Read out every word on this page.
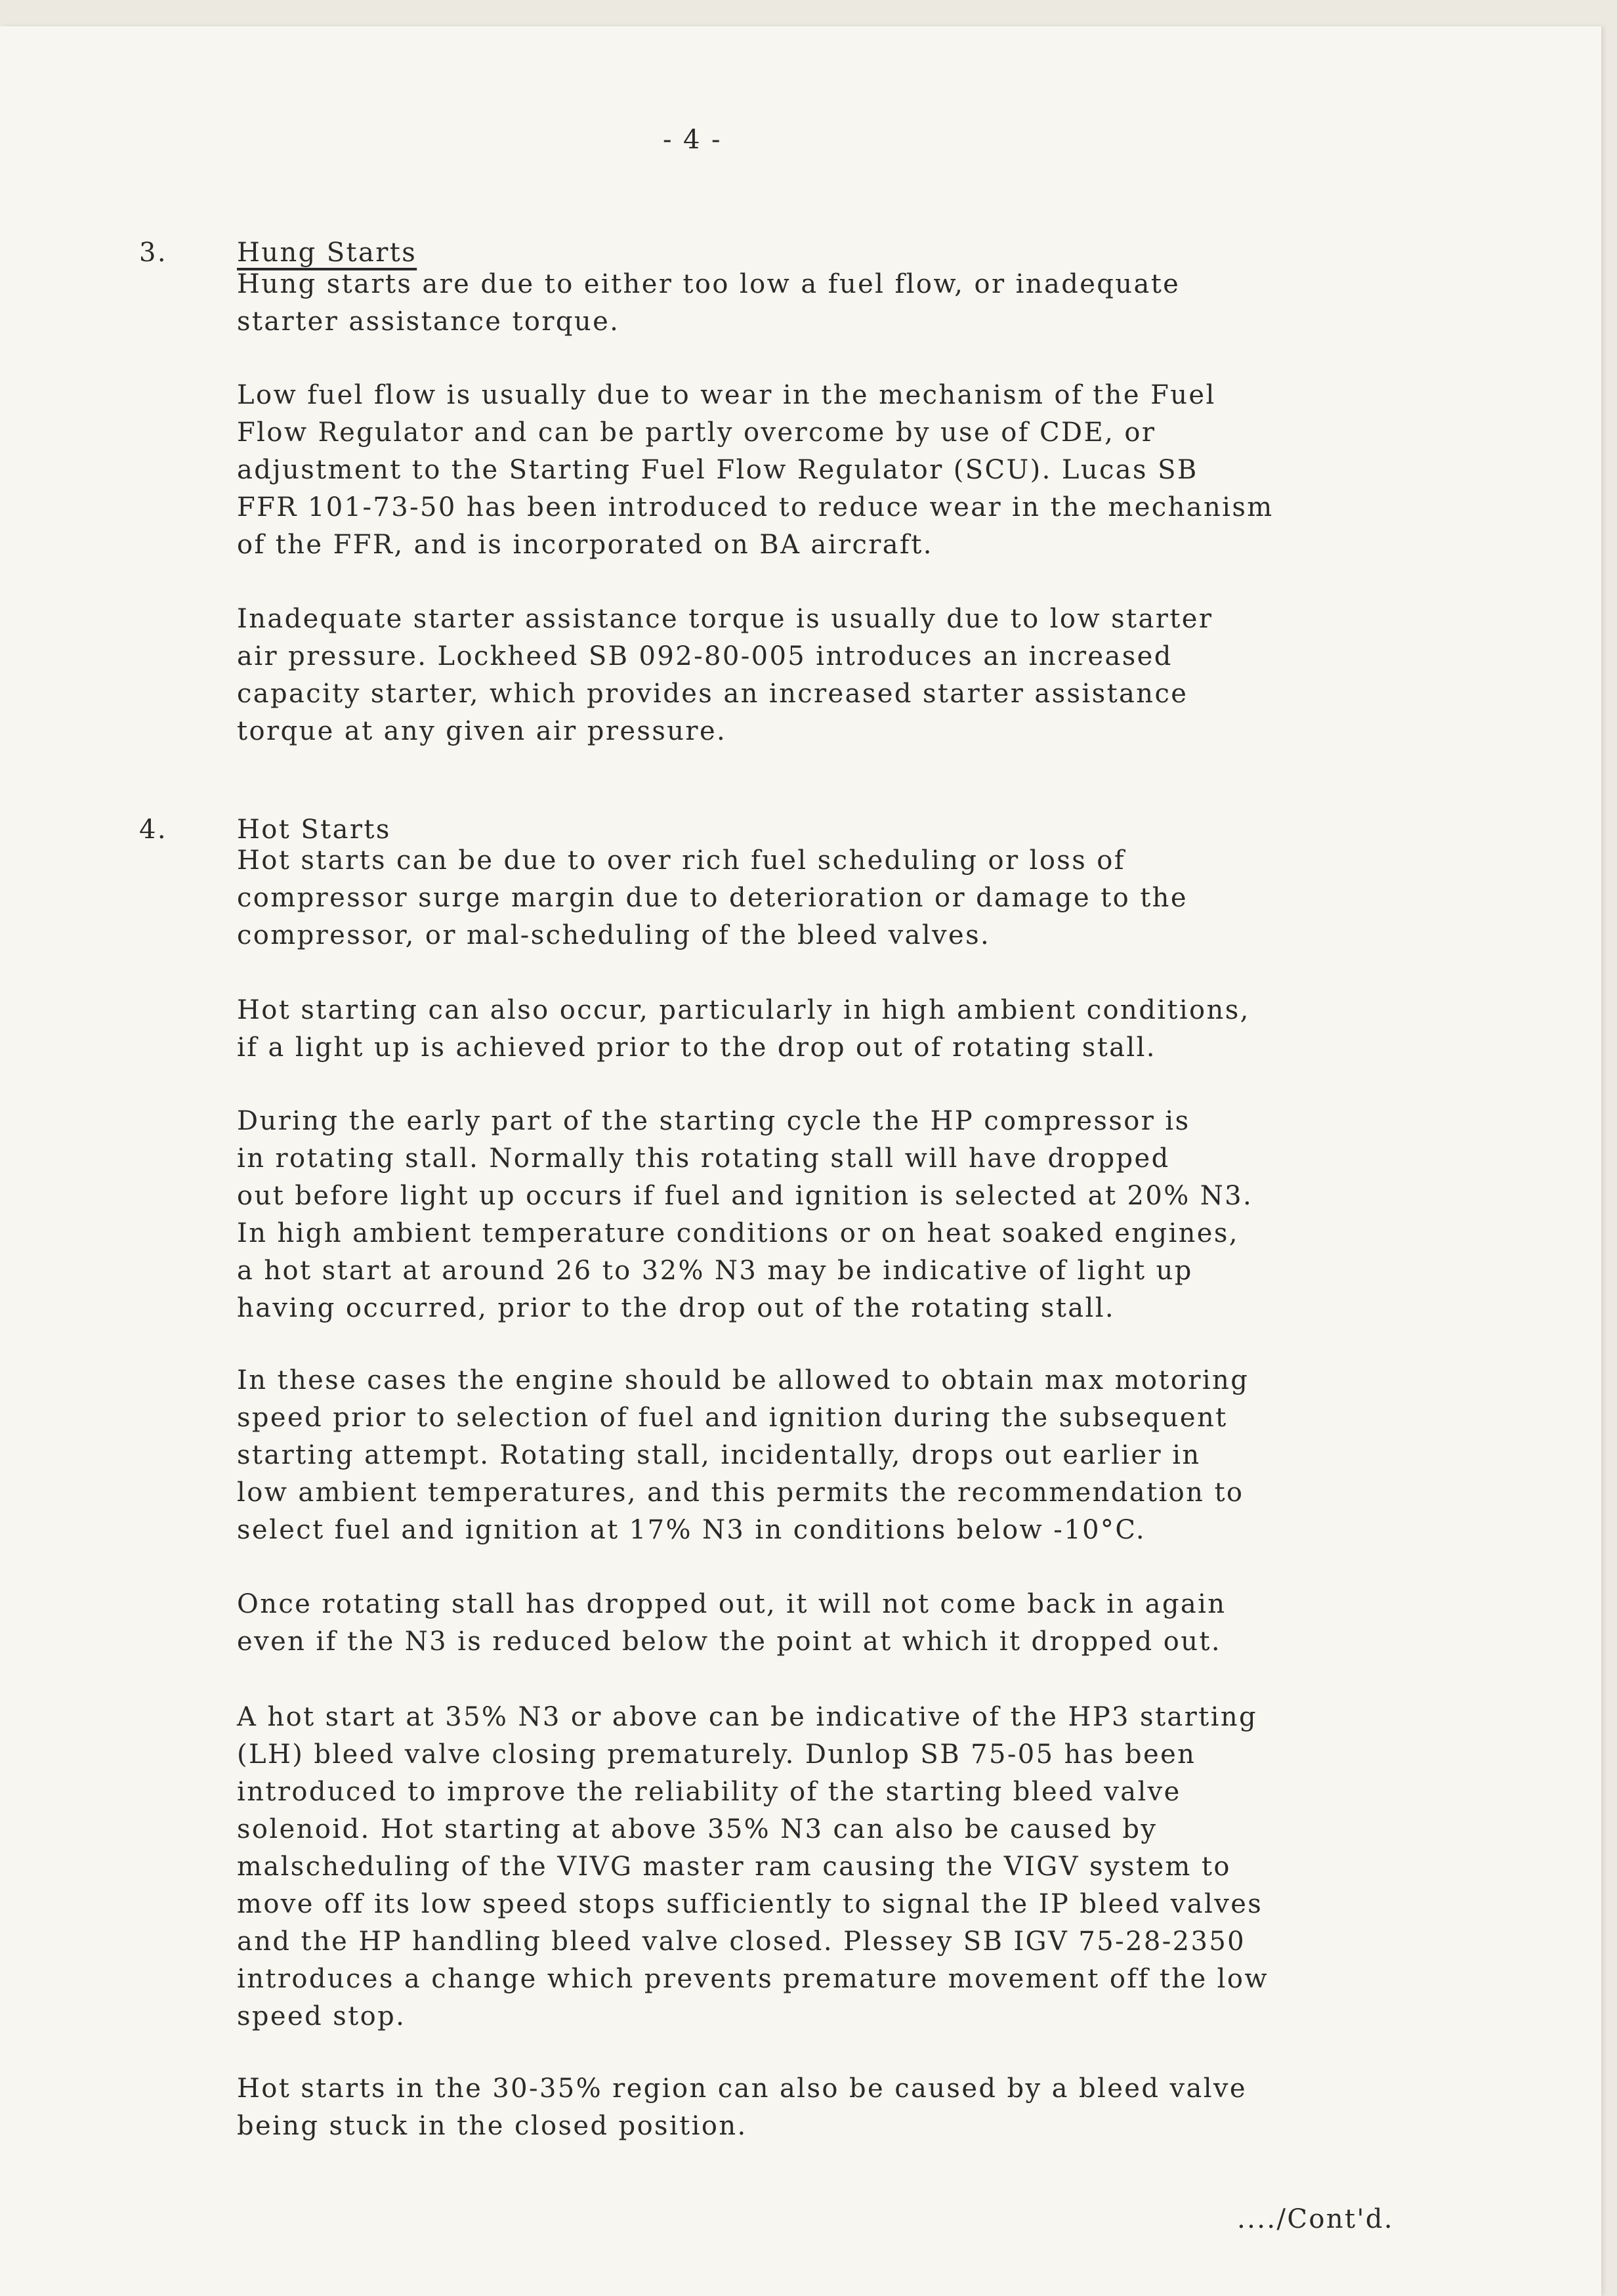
- 4 -
3.	Hung Starts
4.	Hot Starts
Hung starts are due to either too low a fuel flow, or inadequate
starter assistance torque.
Low fuel flow is usually due to wear in the mechanism of the Fuel
Flow Regulator and can be partly overcome by use of CDE, or
adjustment to the Starting Fuel Flow Regulator (SCU). Lucas SB
FFR 101-73-50 has been introduced to reduce wear in the mechanism
of the FFR, and is incorporated on BA aircraft.
Inadequate starter assistance torque is usually due to low starter
air pressure. Lockheed SB 092-80-005 introduces an increased
capacity starter, which provides an increased starter assistance
torque at any given air pressure.
Hot starts can be due to over rich fuel scheduling or loss of
compressor surge margin due to deterioration or damage to the
compressor, or mal-scheduling of the bleed valves.
Hot starting can also occur, particularly in high ambient conditions,
if a light up is achieved prior to the drop out of rotating stall.
During the early part of the starting cycle the HP compressor is
in rotating stall. Normally this rotating stall will have dropped
out before light up occurs if fuel and ignition is selected at 20% N3.
In high ambient temperature conditions or on heat soaked engines,
a hot start at around 26 to 32% N3 may be indicative of light up
having occurred, prior to the drop out of the rotating stall.
In these cases the engine should be allowed to obtain max motoring
speed prior to selection of fuel and ignition during the subsequent
starting attempt. Rotating stall, incidentally, drops out earlier in
low ambient temperatures, and this permits the recommendation to
select fuel and ignition at 17% N3 in conditions below -10°C.
Once rotating stall has dropped out, it will not come back in again
even if the N3 is reduced below the point at which it dropped out.
A hot start at 35% N3 or above can be indicative of the HP3 starting
(LH) bleed valve closing prematurely. Dunlop SB 75-05 has been
introduced to improve the reliability of the starting bleed valve
solenoid. Hot starting at above 35% N3 can also be caused by
malscheduling of the VIVG master ram causing the VIGV system to
move off its low speed stops sufficiently to signal the IP bleed valves
and the HP handling bleed valve closed. Plessey SB IGV 75-28-2350
introduces a change which prevents premature movement off the low
speed stop.
Hot starts in the 30-35% region can also be caused by a bleed valve
being stuck in the closed position.
..../Cont'd.
